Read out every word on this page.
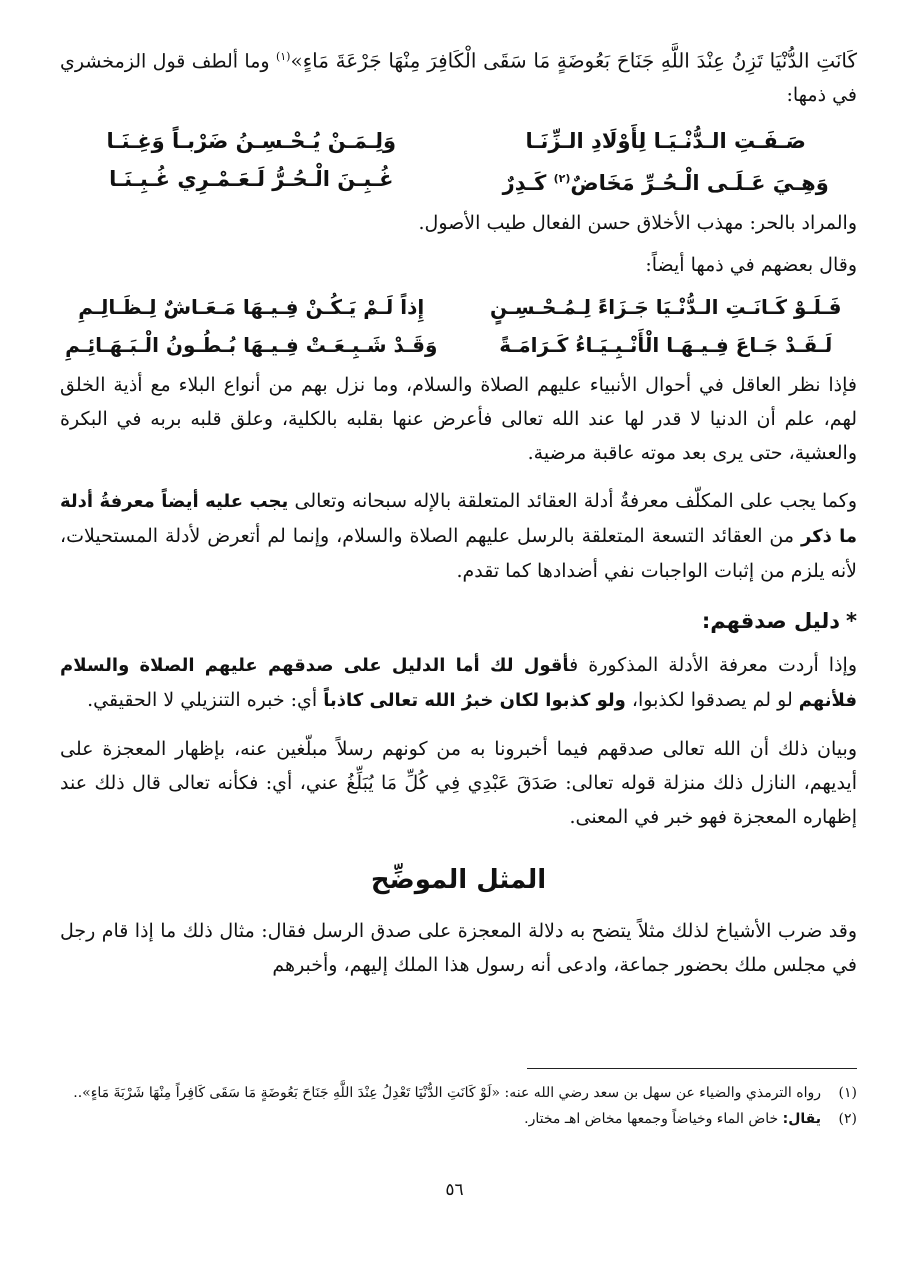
كَانَتِ الدُّنْيَا تَزِنُ عِنْدَ اللَّهِ جَنَاحَ بَعُوضَةٍ مَا سَقَى الْكَافِرَ مِنْهَا جَرْعَةَ مَاءٍ»$^{(١)}$ وما ألطف قول الزمخشري في ذمها:

صَـفَـتِ الـدُّنْـيَـا لِأَوْلَادِ الـزِّنَـا
وَلِـمَـنْ يُـحْـسِـنُ ضَرْبـاً وَغِـنَـا
وَهِـيَ عَـلَـى الْـحُـرِّ مَخَاضٌ$^{(٢)}$ كَـدِرٌ
غُـبِـنَ الْـحُـرُّ لَـعَـمْـرِي غُـبِـنَـا

والمراد بالحر: مهذب الأخلاق حسن الفعال طيب الأصول.

وقال بعضهم في ذمها أيضاً:

فَـلَـوْ كَـانَـتِ الـدُّنْـيَا جَـزَاءً لِـمُـحْـسِـنٍ
إِذاً لَـمْ يَـكُـنْ فِـيـهَا مَـعَـاشٌ لِـظَـالِـمِ
لَـقَـدْ جَـاعَ فِـيـهَـا الْأَنْـبِـيَـاءُ كَـرَامَـةً
وَقَـدْ شَـبِـعَـتْ فِـيـهَا بُـطُـونُ الْـبَـهَـائِـمِ

فإذا نظر العاقل في أحوال الأنبياء عليهم الصلاة والسلام، وما نزل بهم من أنواع البلاء مع أذية الخلق لهم، علم أن الدنيا لا قدر لها عند الله تعالى فأعرض عنها بقلبه بالكلية، وعلق قلبه بربه في البكرة والعشية، حتى يرى بعد موته عاقبة مرضية.

وكما يجب على المكلّف معرفةُ أدلة العقائد المتعلقة بالإله سبحانه وتعالى يجب عليه أيضاً معرفةُ أدلة ما ذكر من العقائد التسعة المتعلقة بالرسل عليهم الصلاة والسلام، وإنما لم أتعرض لأدلة المستحيلات، لأنه يلزم من إثبات الواجبات نفي أضدادها كما تقدم.

*دليل صدقهم:

وإذا أردت معرفة الأدلة المذكورة فأقول لك أما الدليل على صدقهم عليهم الصلاة والسلام فلأنهم لو لم يصدقوا لكذبوا، ولو كذبوا لكان خبرُ الله تعالى كاذباً أي: خبره التنزيلي لا الحقيقي.

وبيان ذلك أن الله تعالى صدقهم فيما أخبرونا به من كونهم رسلاً مبلّغين عنه، بإظهار المعجزة على أيديهم، النازل ذلك منزلة قوله تعالى: صَدَقَ عَبْدِي فِي كُلِّ مَا يُبَلِّغُ عني، أي: فكأنه تعالى قال ذلك عند إظهاره المعجزة فهو خبر في المعنى.

المثل الموضِّح

وقد ضرب الأشياخ لذلك مثلاً يتضح به دلالة المعجزة على صدق الرسل فقال: مثال ذلك ما إذا قام رجل في مجلس ملك بحضور جماعة، وادعى أنه رسول هذا الملك إليهم، وأخبرهم

(١)
رواه الترمذي والضياء عن سهل بن سعد رضي الله عنه: «لَوْ كَانَتِ الدُّنْيَا تَعْدِلُ عِنْدَ اللَّهِ جَنَاحَ بَعُوضَةٍ مَا سَقَى كَافِراً مِنْهَا شَرْبَةَ مَاءٍ»..
(٢)
يقال: خاض الماء وخياضاً وجمعها مخاض اهـ مختار.
٥٦
